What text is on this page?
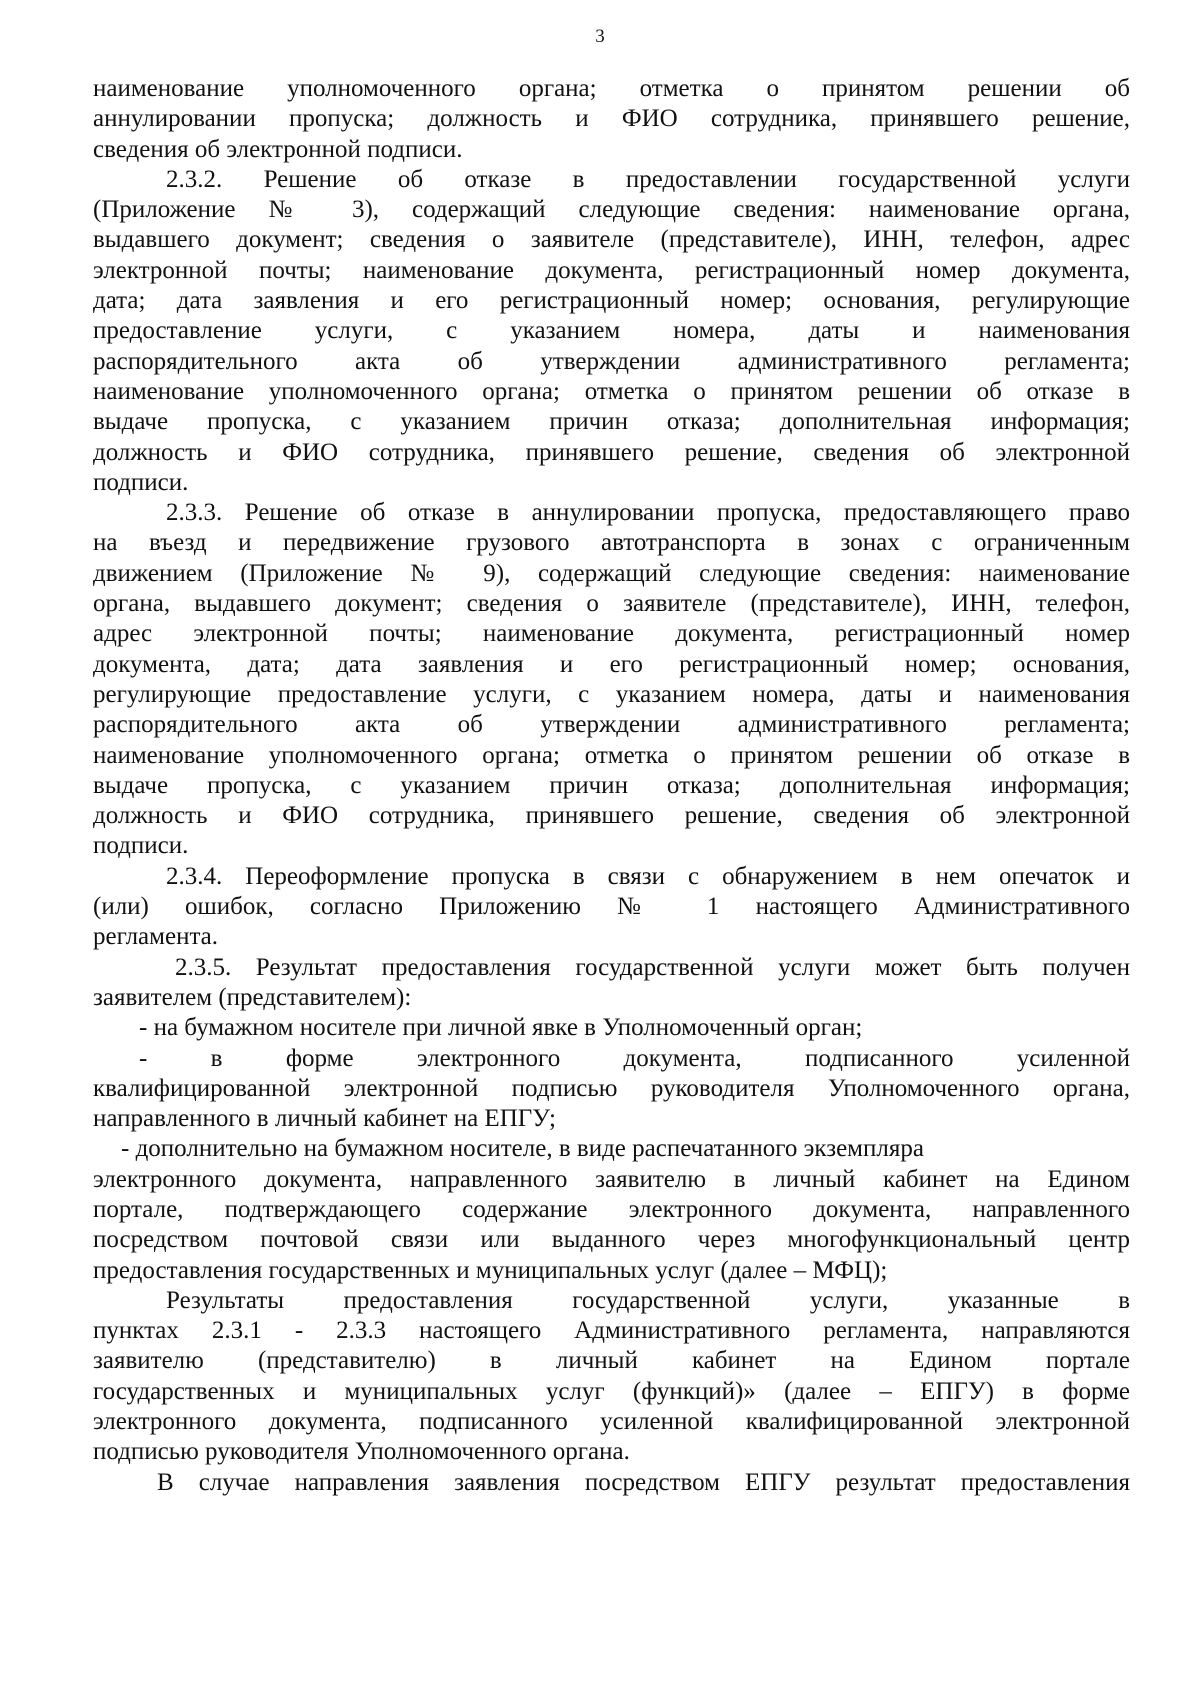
3
наименование уполномоченного органа; отметка о принятом решении об
аннулировании пропуска; должность и ФИО сотрудника, принявшего решение,
сведения об электронной подписи.
2.3.2. Решение об отказе в предоставлении государственной услуги
(Приложение № 3), содержащий следующие сведения: наименование органа,
выдавшего документ; сведения о заявителе (представителе), ИНН, телефон, адрес
электронной почты; наименование документа, регистрационный номер документа,
дата; дата заявления и его регистрационный номер; основания, регулирующие
предоставление услуги, с указанием номера, даты и наименования
распорядительного акта об утверждении административного регламента;
наименование уполномоченного органа; отметка о принятом решении об отказе в
выдаче пропуска, с указанием причин отказа; дополнительная информация;
должность и ФИО сотрудника, принявшего решение, сведения об электронной
подписи.
2.3.3. Решение об отказе в аннулировании пропуска, предоставляющего право
на въезд и передвижение грузового автотранспорта в зонах с ограниченным
движением (Приложение № 9), содержащий следующие сведения: наименование
органа, выдавшего документ; сведения о заявителе (представителе), ИНН, телефон,
адрес электронной почты; наименование документа, регистрационный номер
документа, дата; дата заявления и его регистрационный номер; основания,
регулирующие предоставление услуги, с указанием номера, даты и наименования
распорядительного акта об утверждении административного регламента;
наименование уполномоченного органа; отметка о принятом решении об отказе в
выдаче пропуска, с указанием причин отказа; дополнительная информация;
должность и ФИО сотрудника, принявшего решение, сведения об электронной
подписи.
2.3.4. Переоформление пропуска в связи с обнаружением в нем опечаток и
(или) ошибок, согласно Приложению № 1 настоящего Административного
регламента.
2.3.5. Результат предоставления государственной услуги может быть получен
заявителем (представителем):
- на бумажном носителе при личной явке в Уполномоченный орган;
- в форме электронного документа, подписанного усиленной
квалифицированной электронной подписью руководителя Уполномоченного органа,
направленного в личный кабинет на ЕПГУ;
- дополнительно на бумажном носителе, в виде распечатанного экземпляра
электронного документа, направленного заявителю в личный кабинет на Едином
портале, подтверждающего содержание электронного документа, направленного
посредством почтовой связи или выданного через многофункциональный центр
предоставления государственных и муниципальных услуг (далее – МФЦ);
Результаты предоставления государственной услуги, указанные в
пунктах 2.3.1 - 2.3.3 настоящего Административного регламента, направляются
заявителю (представителю) в личный кабинет на Едином портале
государственных и муниципальных услуг (функций)» (далее – ЕПГУ) в форме
электронного документа, подписанного усиленной квалифицированной электронной
подписью руководителя Уполномоченного органа.
В случае направления заявления посредством ЕПГУ результат предоставления
